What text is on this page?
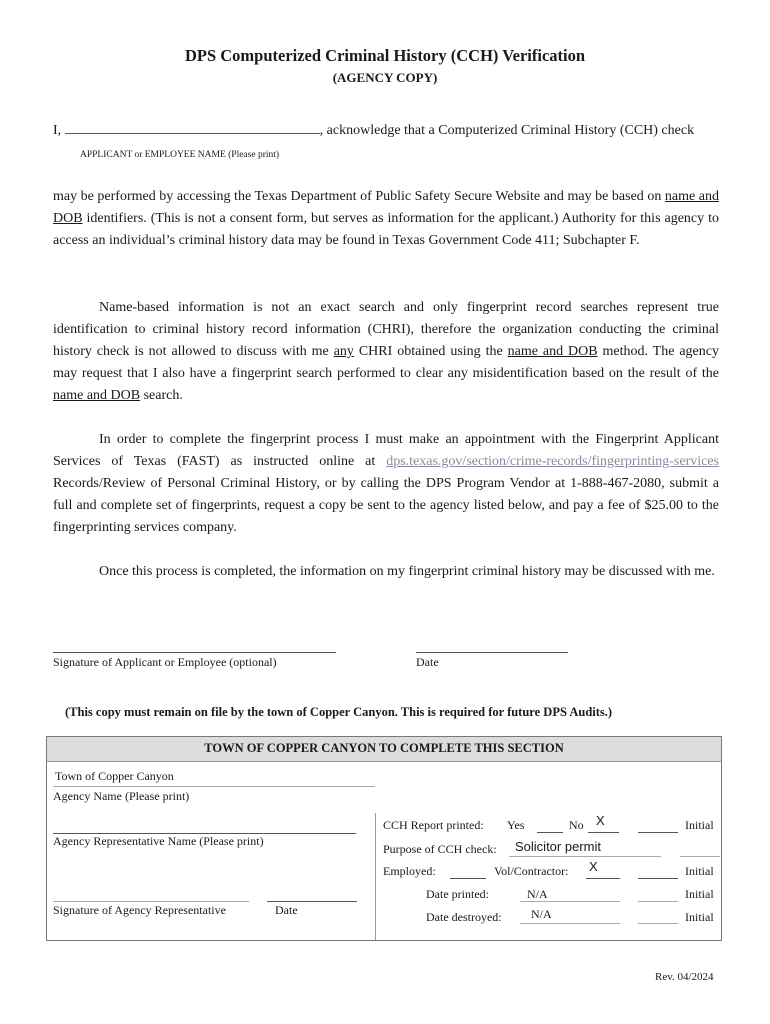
DPS Computerized Criminal History (CCH) Verification
(AGENCY COPY)
I,	, acknowledge that a Computerized Criminal History (CCH) check
APPLICANT or EMPLOYEE NAME (Please print)
may be performed by accessing the Texas Department of Public Safety Secure Website and may be based on name and DOB identifiers. (This is not a consent form, but serves as information for the applicant.) Authority for this agency to access an individual’s criminal history data may be found in Texas Government Code 411; Subchapter F.
Name-based information is not an exact search and only fingerprint record searches represent true identification to criminal history record information (CHRI), therefore the organization conducting the criminal history check is not allowed to discuss with me any CHRI obtained using the name and DOB method. The agency may request that I also have a fingerprint search performed to clear any misidentification based on the result of the name and DOB search.
In order to complete the fingerprint process I must make an appointment with the Fingerprint Applicant Services of Texas (FAST) as instructed online at dps.texas.gov/section/crime-records/fingerprinting-services Records/Review of Personal Criminal History, or by calling the DPS Program Vendor at 1-888-467-2080, submit a full and complete set of fingerprints, request a copy be sent to the agency listed below, and pay a fee of $25.00 to the fingerprinting services company.
Once this process is completed, the information on my fingerprint criminal history may be discussed with me.
Signature of Applicant or Employee (optional)	Date
(This copy must remain on file by the town of Copper Canyon. This is required for future DPS Audits.)
TOWN OF COPPER CANYON TO COMPLETE THIS SECTION
Town of Copper Canyon
Agency Name (Please print)
Agency Representative Name (Please print)
Signature of Agency Representative	Date
CCH Report printed: Yes	No X	Initial
Purpose of CCH check: Solicitor permit
Employed:	Vol/Contractor: X	Initial
Date printed:	N/A	Initial
Date destroyed: N/A	Initial
Rev. 04/2024
